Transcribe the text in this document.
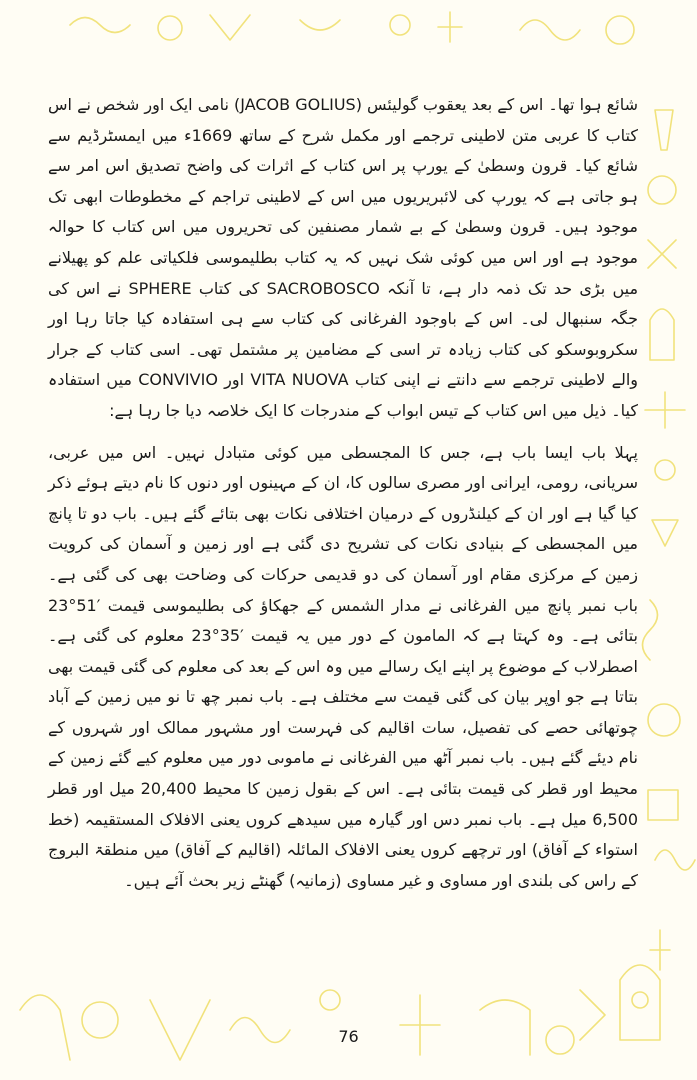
شائع ہوا تھا۔ اس کے بعد یعقوب گولیئس (JACOB GOLIUS) نامی ایک اور شخص نے اس کتاب کا عربی متن لاطینی ترجمے اور مکمل شرح کے ساتھ 1669ء میں ایمسٹرڈیم سے شائع کیا۔ قرون وسطیٰ کے یورپ پر اس کتاب کے اثرات کی واضح تصدیق اس امر سے ہو جاتی ہے کہ یورپ کی لائبریریوں میں اس کے لاطینی تراجم کے مخطوطات ابھی تک موجود ہیں۔ قرون وسطیٰ کے بے شمار مصنفین کی تحریروں میں اس کتاب کا حوالہ موجود ہے اور اس میں کوئی شک نہیں کہ یہ کتاب بطلیموسی فلکیاتی علم کو پھیلانے میں بڑی حد تک ذمہ دار ہے، تا آنکہ SACROBOSCO کی کتاب SPHERE نے اس کی جگہ سنبھال لی۔ اس کے باوجود الفرغانی کی کتاب سے ہی استفادہ کیا جاتا رہا اور سکروبوسکو کی کتاب زیادہ تر اسی کے مضامین پر مشتمل تھی۔ اسی کتاب کے جرار والے لاطینی ترجمے سے دانتے نے اپنی کتاب VITA NUOVA اور CONVIVIO میں استفادہ کیا۔ ذیل میں اس کتاب کے تیس ابواب کے مندرجات کا ایک خلاصہ دیا جا رہا ہے:

پہلا باب ایسا باب ہے، جس کا المجسطی میں کوئی متبادل نہیں۔ اس میں عربی، سریانی، رومی، ایرانی اور مصری سالوں کا، ان کے مہینوں اور دنوں کا نام دیتے ہوئے ذکر کیا گیا ہے اور ان کے کیلنڈروں کے درمیان اختلافی نکات بھی بتائے گئے ہیں۔ باب دو تا پانچ میں المجسطی کے بنیادی نکات کی تشریح دی گئی ہے اور زمین و آسمان کی کرویت زمین کے مرکزی مقام اور آسمان کی دو قدیمی حرکات کی وضاحت بھی کی گئی ہے۔ باب نمبر پانچ میں الفرغانی نے مدار الشمس کے جھکاؤ کی بطلیموسی قیمت ′51°23 بتائی ہے۔ وہ کہتا ہے کہ المامون کے دور میں یہ قیمت ′35°23 معلوم کی گئی ہے۔ اصطرلاب کے موضوع پر اپنے ایک رسالے میں وہ اس کے بعد کی معلوم کی گئی قیمت بھی بتاتا ہے جو اوپر بیان کی گئی قیمت سے مختلف ہے۔ باب نمبر چھ تا نو میں زمین کے آباد چوتھائی حصے کی تفصیل، سات اقالیم کی فہرست اور مشہور ممالک اور شہروں کے نام دیئے گئے ہیں۔ باب نمبر آٹھ میں الفرغانی نے ماموںی دور میں معلوم کیے گئے زمین کے محیط اور قطر کی قیمت بتائی ہے۔ اس کے بقول زمین کا محیط 20,400 میل اور قطر 6,500 میل ہے۔ باب نمبر دس اور گیارہ میں سیدھے کروں یعنی الافلاک المستقیمہ (خط استواء کے آفاق) اور ترچھے کروں یعنی الافلاک المائلہ (اقالیم کے آفاق) میں منطقۃ البروج کے راس کی بلندی اور مساوی و غیر مساوی (زمانیہ) گھنٹے زیر بحث آئے ہیں۔

76
